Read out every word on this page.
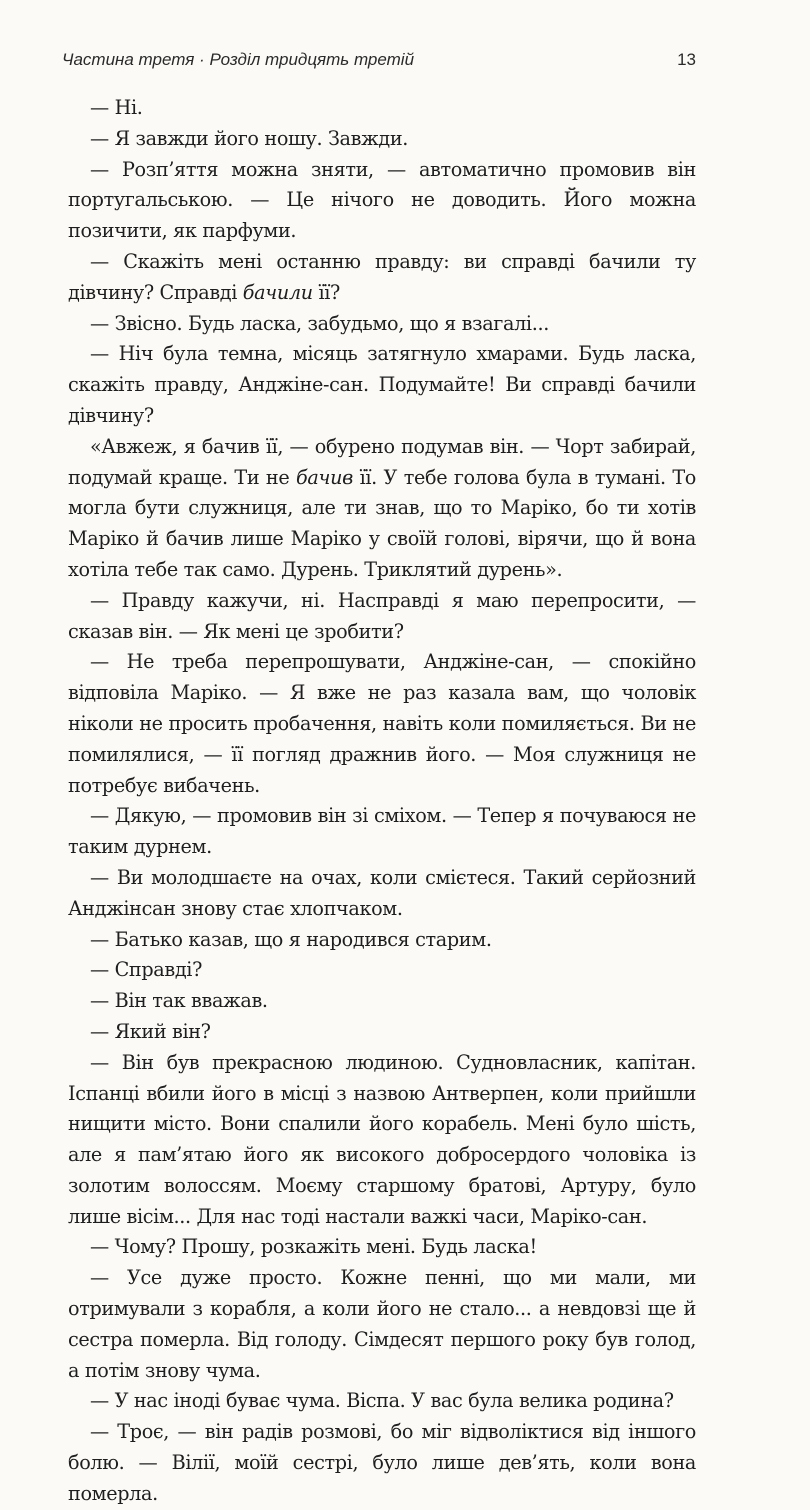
Частина третя · Розділ тридцять третій	13

— Ні.

— Я завжди його ношу. Завжди.

— Розп’яття можна зняти, — автоматично промовив він португальською. — Це нічого не доводить. Його можна позичити, як парфуми.

— Скажіть мені останню правду: ви справді бачили ту дівчину? Справді бачили її?

— Звісно. Будь ласка, забудьмо, що я взагалі...

— Ніч була темна, місяць затягнуло хмарами. Будь ласка, скажіть правду, Анджіне-сан. Подумайте! Ви справді бачили дівчину?

«Авжеж, я бачив її, — обурено подумав він. — Чорт забирай, подумай краще. Ти не бачив її. У тебе голова була в тумані. То могла бути служниця, але ти знав, що то Маріко, бо ти хотів Маріко й бачив лише Маріко у своїй голові, вірячи, що й вона хотіла тебе так само. Дурень. Триклятий дурень».

— Правду кажучи, ні. Насправді я маю перепросити, — сказав він. — Як мені це зробити?

— Не треба перепрошувати, Анджіне-сан, — спокійно відповіла Маріко. — Я вже не раз казала вам, що чоловік ніколи не просить пробачення, навіть коли помиляється. Ви не помилялися, — її погляд дражнив його. — Моя служниця не потребує вибачень.

— Дякую, — промовив він зі сміхом. — Тепер я почуваюся не таким дурнем.

— Ви молодшаєте на очах, коли смієтеся. Такий серйозний Анджінсан знову стає хлопчаком.

— Батько казав, що я народився старим.

— Справді?

— Він так вважав.

— Який він?

— Він був прекрасною людиною. Судновласник, капітан. Іспанці вбили його в місці з назвою Антверпен, коли прийшли нищити місто. Вони спалили його корабель. Мені було шість, але я пам’ятаю його як високого добросердого чоловіка із золотим волоссям. Моєму старшому братові, Артуру, було лише вісім... Для нас тоді настали важкі часи, Маріко-сан.

— Чому? Прошу, розкажіть мені. Будь ласка!

— Усе дуже просто. Кожне пенні, що ми мали, ми отримували з корабля, а коли його не стало... а невдовзі ще й сестра померла. Від голоду. Сімдесят першого року був голод, а потім знову чума.

— У нас іноді буває чума. Віспа. У вас була велика родина?

— Троє, — він радів розмові, бо міг відволіктися від іншого болю. — Вілії, моїй сестрі, було лише дев’ять, коли вона померла.
